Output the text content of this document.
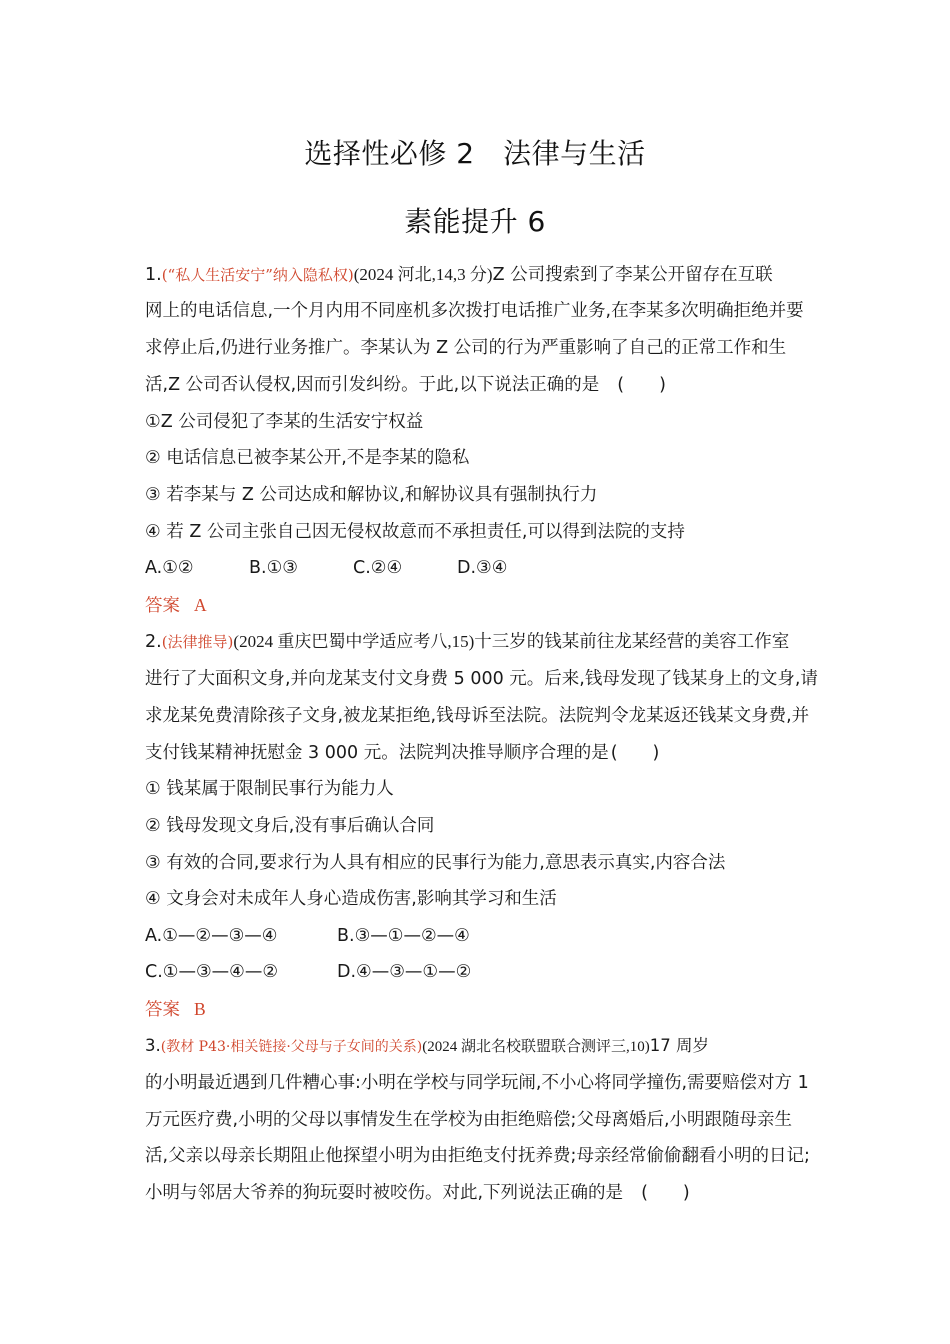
选择性必修 2　法律与生活
素能提升 6
1.(“私人生活安宁”纳入隐私权)(2024 河北,14,3 分)Z 公司搜索到了李某公开留存在互联
网上的电话信息,一个月内用不同座机多次拨打电话推广业务,在李某多次明确拒绝并要
求停止后,仍进行业务推广。李某认为 Z 公司的行为严重影响了自己的正常工作和生
活,Z 公司否认侵权,因而引发纠纷。于此,以下说法正确的是 (　　)
①Z 公司侵犯了李某的生活安宁权益
② 电话信息已被李某公开,不是李某的隐私
③ 若李某与 Z 公司达成和解协议,和解协议具有强制执行力
④ 若 Z 公司主张自己因无侵权故意而不承担责任,可以得到法院的支持
A.①②	B.①③	C.②④	D.③④
答案 A
2.(法律推导)(2024 重庆巴蜀中学适应考八,15)十三岁的钱某前往龙某经营的美容工作室
进行了大面积文身,并向龙某支付文身费 5 000 元。后来,钱母发现了钱某身上的文身,请
求龙某免费清除孩子文身,被龙某拒绝,钱母诉至法院。法院判令龙某返还钱某文身费,并
支付钱某精神抚慰金 3 000 元。法院判决推导顺序合理的是 (　　)
① 钱某属于限制民事行为能力人
② 钱母发现文身后,没有事后确认合同
③ 有效的合同,要求行为人具有相应的民事行为能力,意思表示真实,内容合法
④ 文身会对未成年人身心造成伤害,影响其学习和生活
A.①—②—③—④	B.③—①—②—④
C.①—③—④—②	D.④—③—①—②
答案 B
3.(教材 P43·相关链接·父母与子女间的关系)(2024 湖北名校联盟联合测评三,10)17 周岁
的小明最近遇到几件糟心事:小明在学校与同学玩闹,不小心将同学撞伤,需要赔偿对方 1
万元医疗费,小明的父母以事情发生在学校为由拒绝赔偿;父母离婚后,小明跟随母亲生
活,父亲以母亲长期阻止他探望小明为由拒绝支付抚养费;母亲经常偷偷翻看小明的日记;
小明与邻居大爷养的狗玩耍时被咬伤。对此,下列说法正确的是 (　　)
